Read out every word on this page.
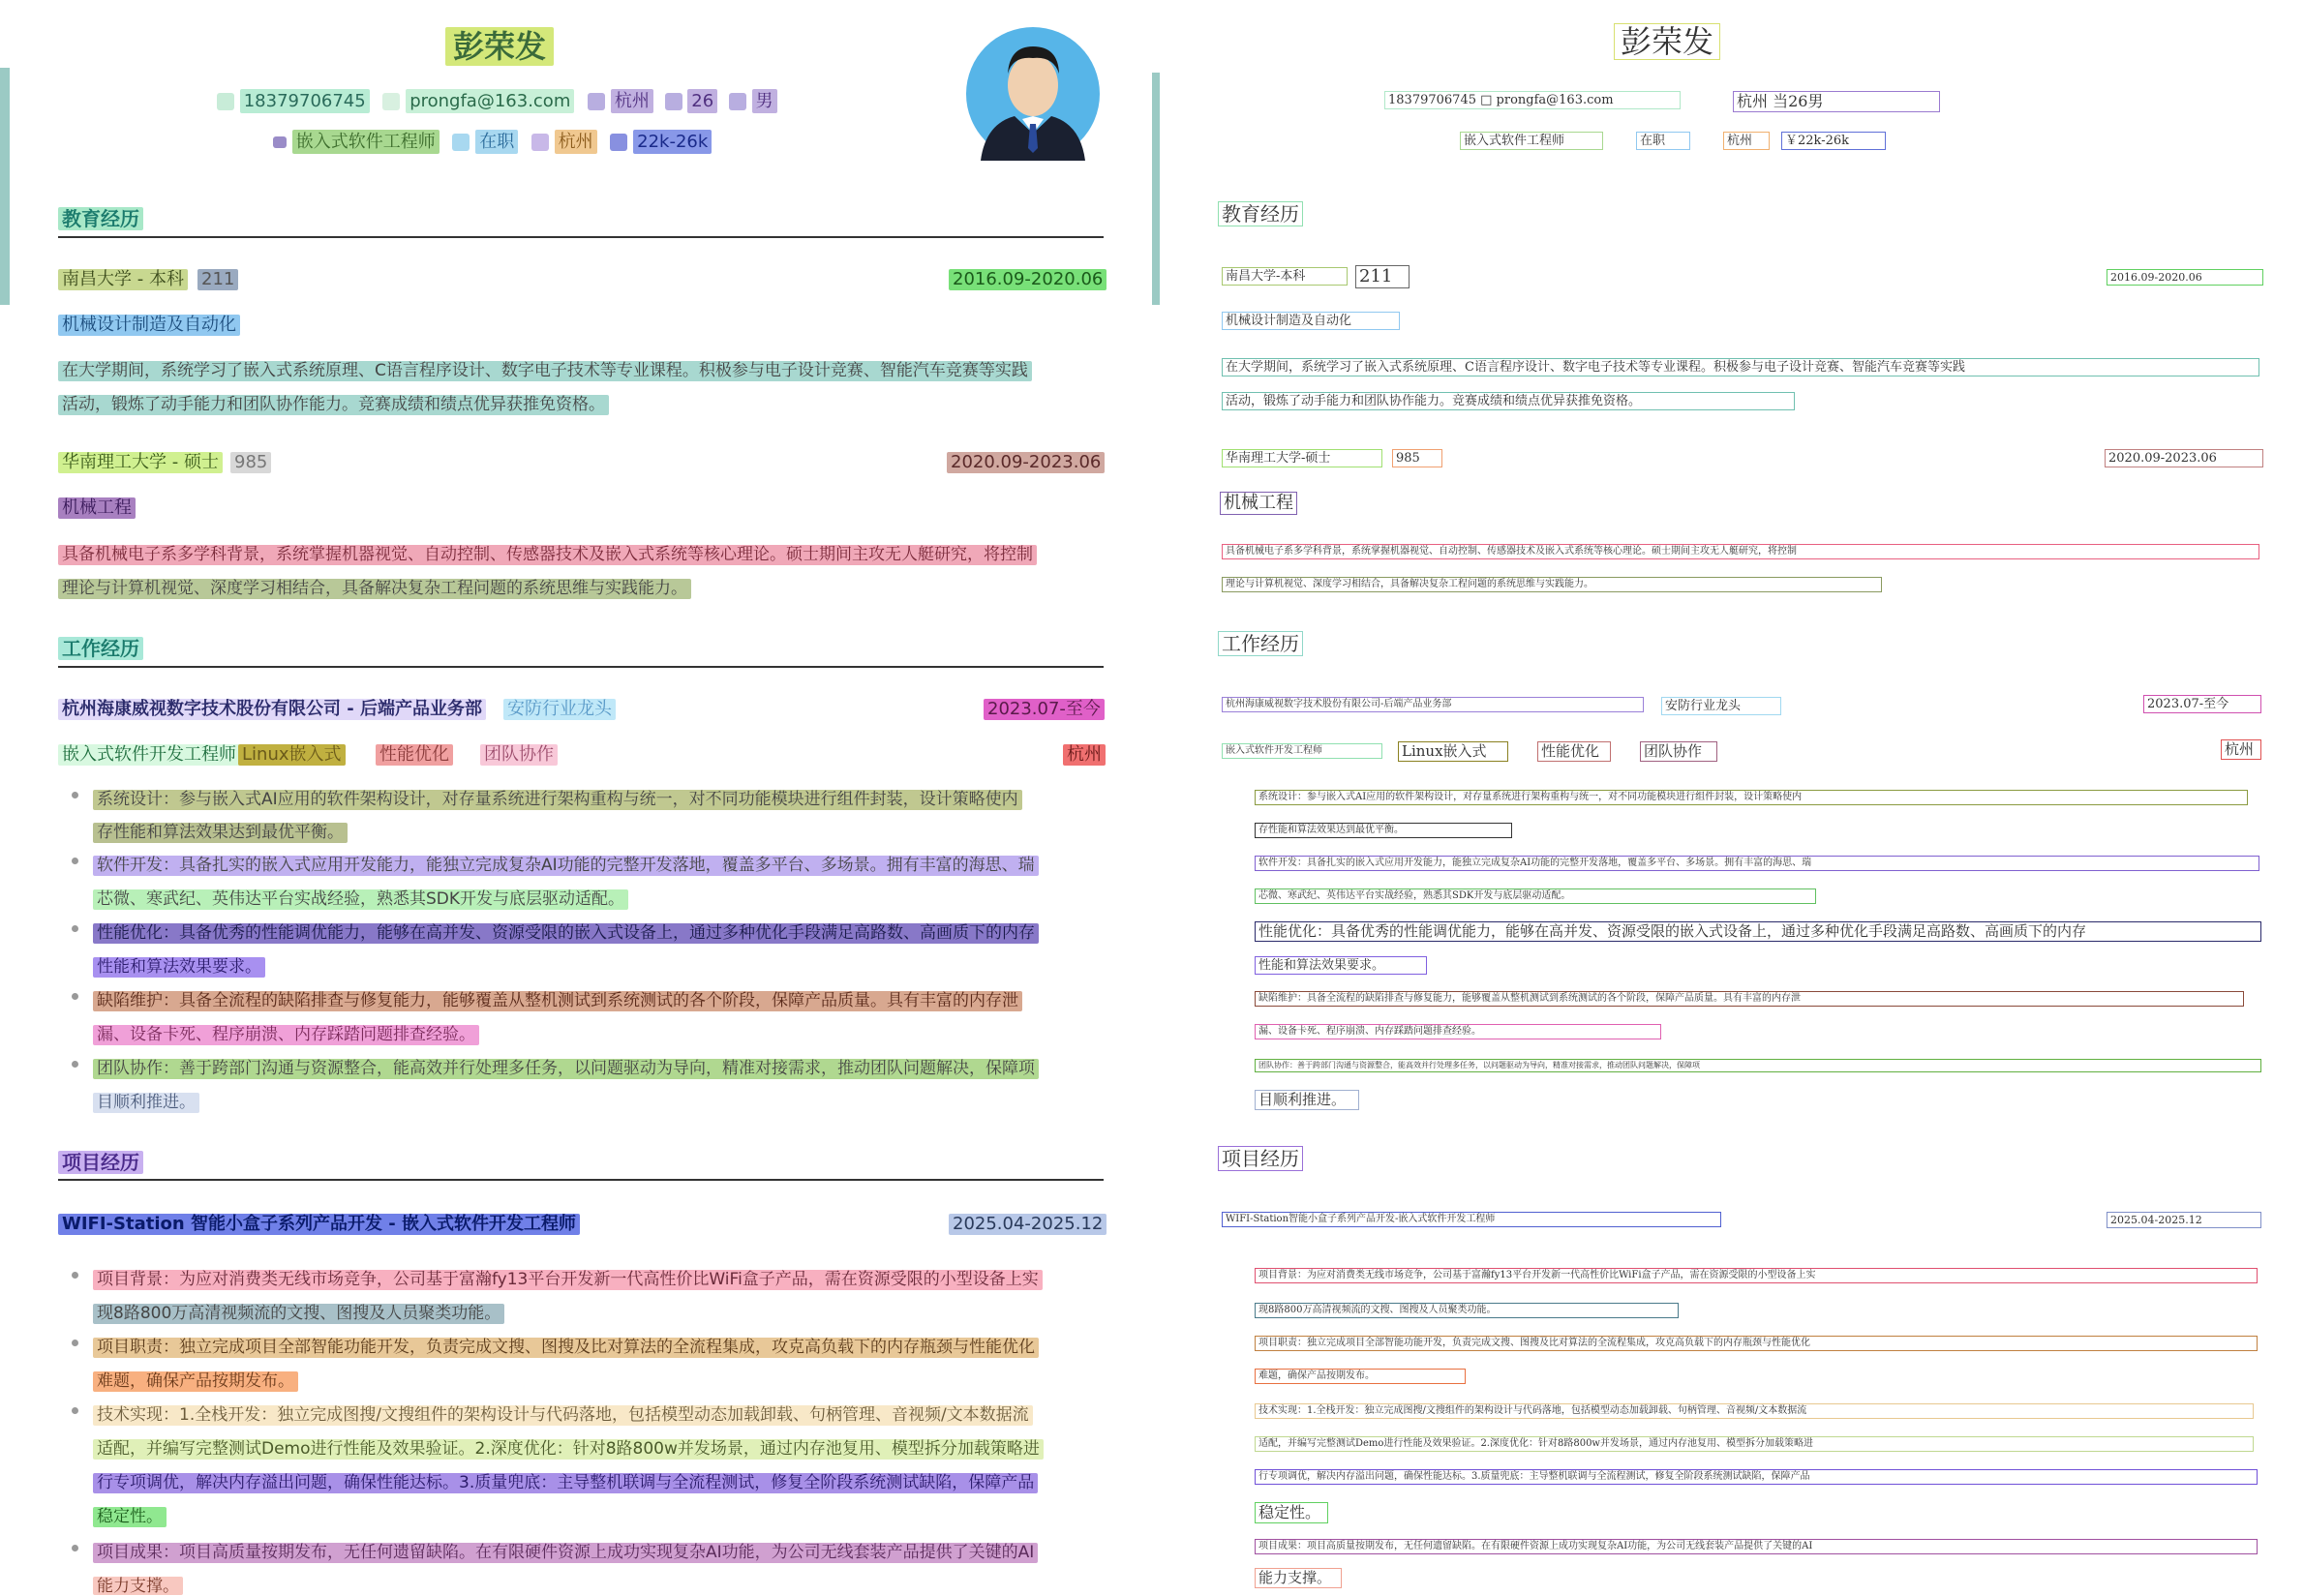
彭荣发
18379706745	prongfa@163.com	杭州 26 男
嵌入式软件工程师	在职	杭州	22k-26k
教育经历
南昌大学 - 本科 211	2016.09-2020.06
机械设计制造及自动化
在大学期间，系统学习了嵌入式系统原理、C语言程序设计、数字电子技术等专业课程。积极参与电子设计竞赛、智能汽车竞赛等实践
活动，锻炼了动手能力和团队协作能力。竞赛成绩和绩点优异获推免资格。
华南理工大学 - 硕士 985	2020.09-2023.06
机械工程
具备机械电子系多学科背景，系统掌握机器视觉、自动控制、传感器技术及嵌入式系统等核心理论。硕士期间主攻无人艇研究，将控制
理论与计算机视觉、深度学习相结合，具备解决复杂工程问题的系统思维与实践能力。
工作经历
杭州海康威视数字技术股份有限公司 - 后端产品业务部 安防行业龙头	2023.07-至今
嵌入式软件开发工程师 Linux嵌入式 性能优化 团队协作	杭州
系统设计：参与嵌入式AI应用的软件架构设计，对存量系统进行架构重构与统一，对不同功能模块进行组件封装，设计策略使内
存性能和算法效果达到最优平衡。
软件开发：具备扎实的嵌入式应用开发能力，能独立完成复杂AI功能的完整开发落地，覆盖多平台、多场景。拥有丰富的海思、瑞
芯微、寒武纪、英伟达平台实战经验，熟悉其SDK开发与底层驱动适配。
性能优化：具备优秀的性能调优能力，能够在高并发、资源受限的嵌入式设备上，通过多种优化手段满足高路数、高画质下的内存
性能和算法效果要求。
缺陷维护：具备全流程的缺陷排查与修复能力，能够覆盖从整机测试到系统测试的各个阶段，保障产品质量。具有丰富的内存泄
漏、设备卡死、程序崩溃、内存踩踏问题排查经验。
团队协作：善于跨部门沟通与资源整合，能高效并行处理多任务，以问题驱动为导向，精准对接需求，推动团队问题解决，保障项
目顺利推进。
项目经历
WIFI-Station 智能小盒子系列产品开发 - 嵌入式软件开发工程师	2025.04-2025.12
项目背景：为应对消费类无线市场竞争，公司基于富瀚fy13平台开发新一代高性价比WiFi盒子产品，需在资源受限的小型设备上实
现8路800万高清视频流的文搜、图搜及人员聚类功能。
项目职责：独立完成项目全部智能功能开发，负责完成文搜、图搜及比对算法的全流程集成，攻克高负载下的内存瓶颈与性能优化
难题，确保产品按期发布。
技术实现：1.全栈开发：独立完成图搜/文搜组件的架构设计与代码落地，包括模型动态加载卸载、句柄管理、音视频/文本数据流
适配，并编写完整测试Demo进行性能及效果验证。2.深度优化：针对8路800w并发场景，通过内存池复用、模型拆分加载策略进
行专项调优，解决内存溢出问题，确保性能达标。3.质量兜底：主导整机联调与全流程测试，修复全阶段系统测试缺陷，保障产品
稳定性。
项目成果：项目高质量按期发布，无任何遗留缺陷。在有限硬件资源上成功实现复杂AI功能，为公司无线套装产品提供了关键的AI
能力支撑。
彭荣发
18379706745 □ prongfa@163.com	杭州 当26男
嵌入式软件工程师	在职	杭州	￥22k-26k
教育经历
南昌大学-本科	211	2016.09-2020.06
机械设计制造及自动化
在大学期间，系统学习了嵌入式系统原理、C语言程序设计、数字电子技术等专业课程。积极参与电子设计竞赛、智能汽车竞赛等实践
活动，锻炼了动手能力和团队协作能力。竞赛成绩和绩点优异获推免资格。
华南理工大学-硕士	985	2020.09-2023.06
机械工程
具备机械电子系多学科背景，系统掌握机器视觉、自动控制、传感器技术及嵌入式系统等核心理论。硕士期间主攻无人艇研究，将控制
理论与计算机视觉、深度学习相结合，具备解决复杂工程问题的系统思维与实践能力。
工作经历
杭州海康威视数字技术股份有限公司-后端产品业务部	安防行业龙头	2023.07-至今
嵌入式软件开发工程师	Linux嵌入式	性能优化	团队协作	杭州
系统设计：参与嵌入式AI应用的软件架构设计，对存量系统进行架构重构与统一，对不同功能模块进行组件封装，设计策略使内
存性能和算法效果达到最优平衡。
软件开发：具备扎实的嵌入式应用开发能力，能独立完成复杂AI功能的完整开发落地，覆盖多平台、多场景。拥有丰富的海思、瑞
芯微、寒武纪、英伟达平台实战经验，熟悉其SDK开发与底层驱动适配。
性能优化：具备优秀的性能调优能力，能够在高并发、资源受限的嵌入式设备上，通过多种优化手段满足高路数、高画质下的内存
性能和算法效果要求。
缺陷维护：具备全流程的缺陷排查与修复能力，能够覆盖从整机测试到系统测试的各个阶段，保障产品质量。具有丰富的内存泄
漏、设备卡死、程序崩溃、内存踩踏问题排查经验。
团队协作：善于跨部门沟通与资源整合，能高效并行处理多任务，以问题驱动为导向，精准对接需求，推动团队问题解决，保障项
目顺利推进。
项目经历
WIFI-Station智能小盒子系列产品开发-嵌入式软件开发工程师	2025.04-2025.12
项目背景：为应对消费类无线市场竞争，公司基于富瀚fy13平台开发新一代高性价比WiFi盒子产品，需在资源受限的小型设备上实
现8路800万高清视频流的文搜、图搜及人员聚类功能。
项目职责：独立完成项目全部智能功能开发，负责完成文搜、图搜及比对算法的全流程集成，攻克高负载下的内存瓶颈与性能优化
难题，确保产品按期发布。
技术实现：1.全栈开发：独立完成图搜/文搜组件的架构设计与代码落地，包括模型动态加载卸载、句柄管理、音视频/文本数据流
适配，并编写完整测试Demo进行性能及效果验证。2.深度优化：针对8路800w并发场景，通过内存池复用、模型拆分加载策略进
行专项调优，解决内存溢出问题，确保性能达标。3.质量兜底：主导整机联调与全流程测试，修复全阶段系统测试缺陷，保障产品
稳定性。
项目成果：项目高质量按期发布，无任何遗留缺陷。在有限硬件资源上成功实现复杂AI功能，为公司无线套装产品提供了关键的AI
能力支撑。
